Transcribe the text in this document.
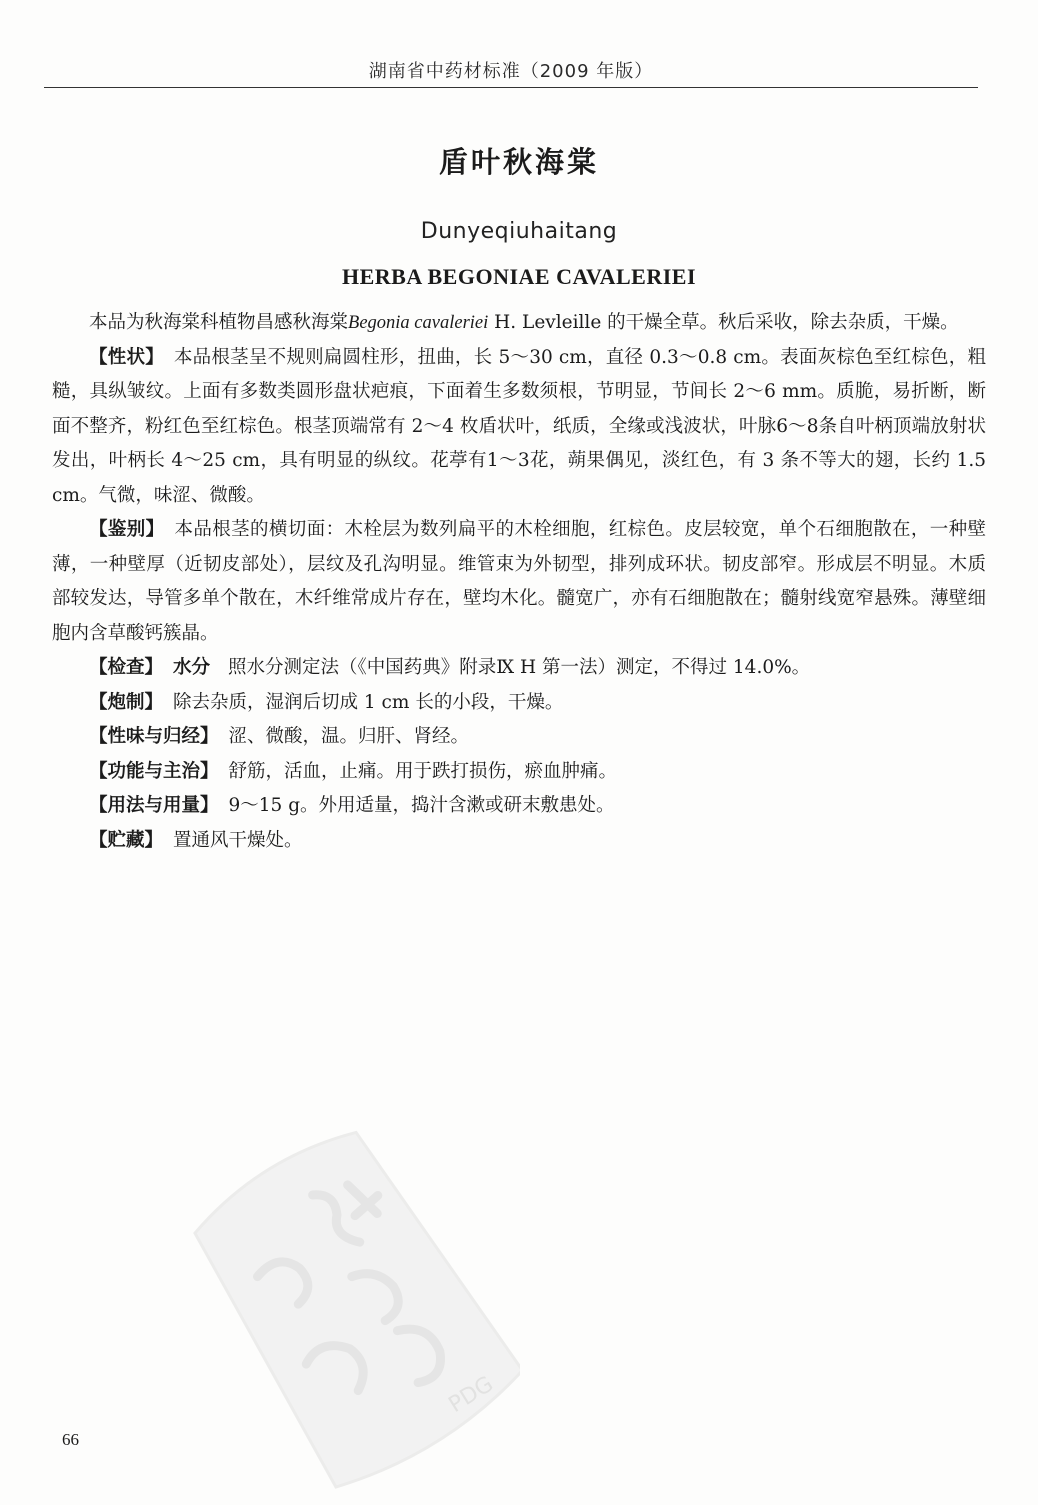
湖南省中药材标准（2009 年版）
盾叶秋海棠
Dunyeqiuhaitang
HERBA BEGONIAE CAVALERIEI

本品为秋海棠科植物昌感秋海棠Begonia cavaleriei H. Levleille 的干燥全草。秋后采收，除去杂质，干燥。

【性状】 本品根茎呈不规则扁圆柱形，扭曲，长 5～30 cm，直径 0.3～0.8 cm。表面灰棕色至红棕色，粗糙，具纵皱纹。上面有多数类圆形盘状疤痕，下面着生多数须根，节明显，节间长 2～6 mm。质脆，易折断，断面不整齐，粉红色至红棕色。根茎顶端常有 2～4 枚盾状叶，纸质，全缘或浅波状，叶脉6～8条自叶柄顶端放射状发出，叶柄长 4～25 cm，具有明显的纵纹。花葶有1～3花，蒴果偶见，淡红色，有 3 条不等大的翅，长约 1.5 cm。气微，味涩、微酸。

【鉴别】 本品根茎的横切面：木栓层为数列扁平的木栓细胞，红棕色。皮层较宽，单个石细胞散在，一种壁薄，一种壁厚（近韧皮部处），层纹及孔沟明显。维管束为外韧型，排列成环状。韧皮部窄。形成层不明显。木质部较发达，导管多单个散在，木纤维常成片存在，壁均木化。髓宽广，亦有石细胞散在；髓射线宽窄悬殊。薄壁细胞内含草酸钙簇晶。

【检查】 水分 照水分测定法（《中国药典》附录Ⅸ H 第一法）测定，不得过 14.0%。

【炮制】 除去杂质，湿润后切成 1 cm 长的小段，干燥。

【性味与归经】 涩、微酸，温。归肝、肾经。

【功能与主治】 舒筋，活血，止痛。用于跌打损伤，瘀血肿痛。

【用法与用量】 9～15 g。外用适量，捣汁含漱或研末敷患处。

【贮藏】 置通风干燥处。

PDG
66
